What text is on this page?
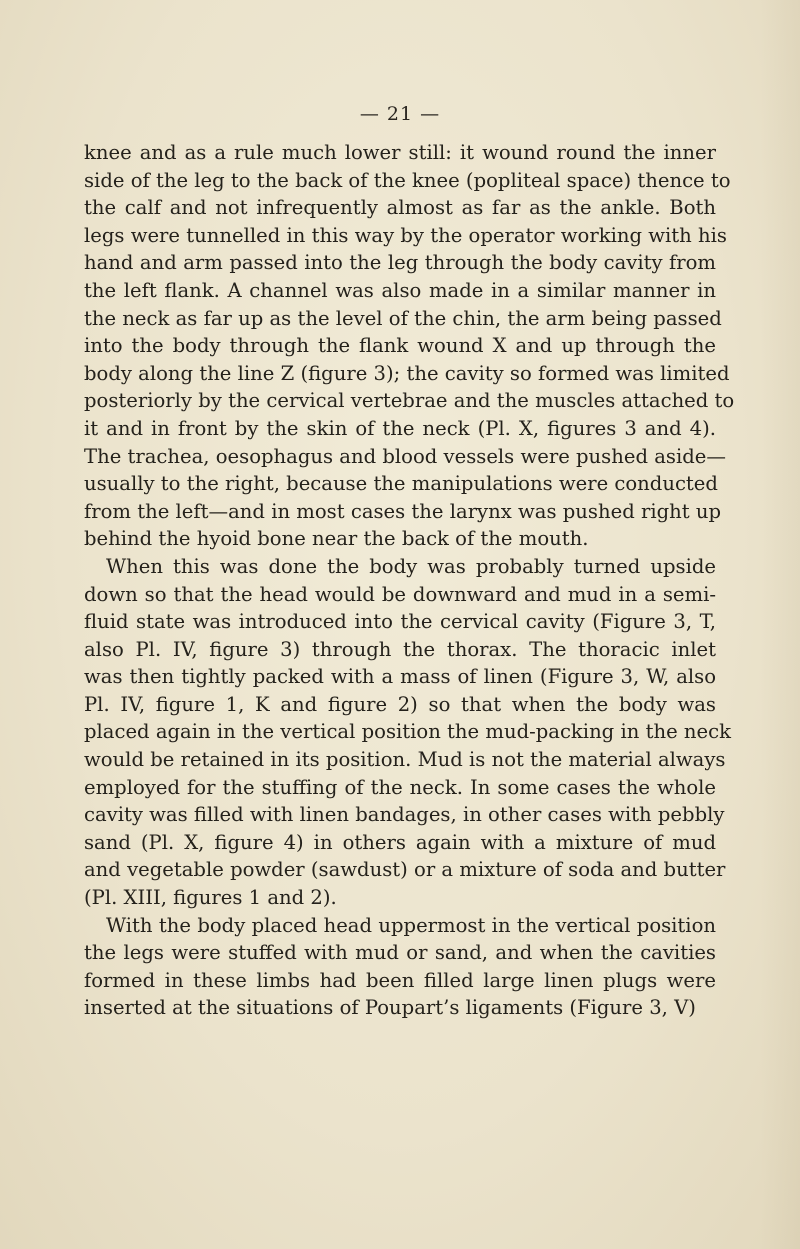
— 21 —
knee and as a rule much lower still: it wound round the inner
side of the leg to the back of the knee (popliteal space) thence to
the calf and not infrequently almost as far as the ankle. Both
legs were tunnelled in this way by the operator working with his
hand and arm passed into the leg through the body cavity from
the left flank. A channel was also made in a similar manner in
the neck as far up as the level of the chin, the arm being passed
into the body through the flank wound X and up through the
body along the line Z (figure 3); the cavity so formed was limited
posteriorly by the cervical vertebrae and the muscles attached to
it and in front by the skin of the neck (Pl. X, figures 3 and 4).
The trachea, oesophagus and blood vessels were pushed aside—
usually to the right, because the manipulations were conducted
from the left—and in most cases the larynx was pushed right up
behind the hyoid bone near the back of the mouth.
When this was done the body was probably turned upside
down so that the head would be downward and mud in a semi-
fluid state was introduced into the cervical cavity (Figure 3, T,
also Pl. IV, figure 3) through the thorax. The thoracic inlet
was then tightly packed with a mass of linen (Figure 3, W, also
Pl. IV, figure 1, K and figure 2) so that when the body was
placed again in the vertical position the mud-packing in the neck
would be retained in its position. Mud is not the material always
employed for the stuffing of the neck. In some cases the whole
cavity was filled with linen bandages, in other cases with pebbly
sand (Pl. X, figure 4) in others again with a mixture of mud
and vegetable powder (sawdust) or a mixture of soda and butter
(Pl. XIII, figures 1 and 2).
With the body placed head uppermost in the vertical position
the legs were stuffed with mud or sand, and when the cavities
formed in these limbs had been filled large linen plugs were
inserted at the situations of Poupart’s ligaments (Figure 3, V)
